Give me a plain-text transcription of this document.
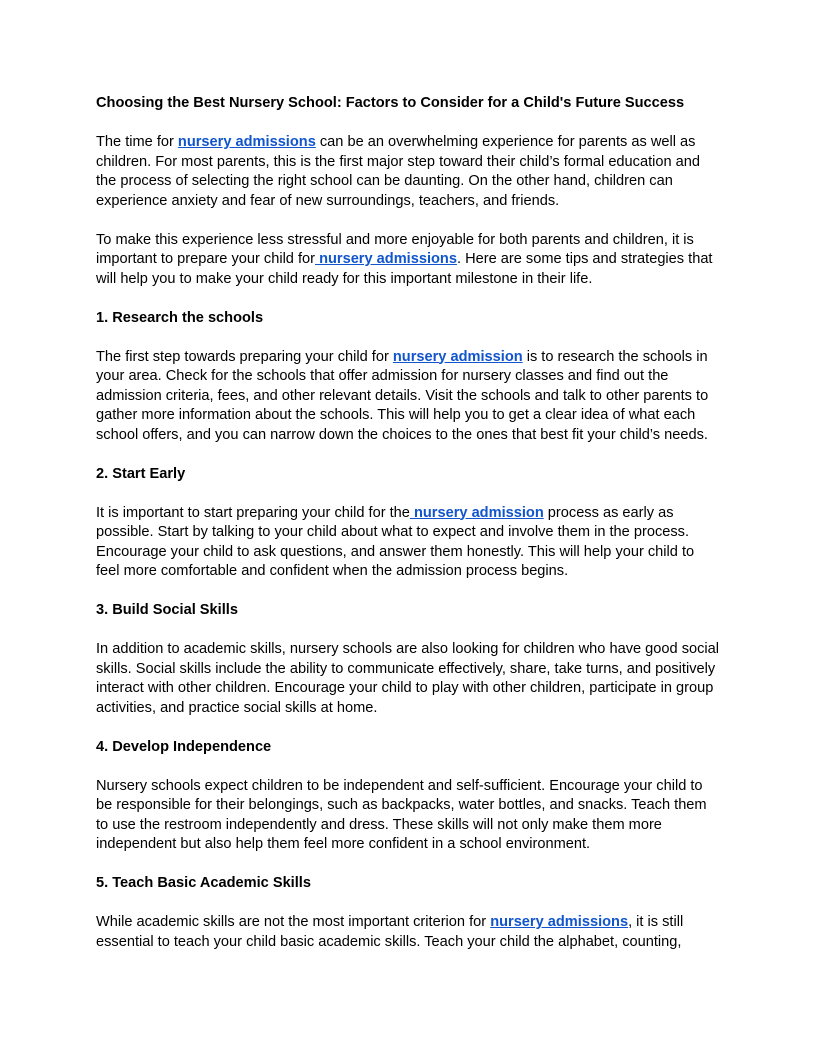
Choosing the Best Nursery School: Factors to Consider for a Child's Future Success

The time for nursery admissions can be an overwhelming experience for parents as well as children. For most parents, this is the first major step toward their child’s formal education and the process of selecting the right school can be daunting. On the other hand, children can experience anxiety and fear of new surroundings, teachers, and friends.

To make this experience less stressful and more enjoyable for both parents and children, it is important to prepare your child for nursery admissions. Here are some tips and strategies that will help you to make your child ready for this important milestone in their life.

1. Research the schools

The first step towards preparing your child for nursery admission is to research the schools in your area. Check for the schools that offer admission for nursery classes and find out the admission criteria, fees, and other relevant details. Visit the schools and talk to other parents to gather more information about the schools. This will help you to get a clear idea of what each school offers, and you can narrow down the choices to the ones that best fit your child’s needs.

2. Start Early

It is important to start preparing your child for the nursery admission process as early as possible. Start by talking to your child about what to expect and involve them in the process. Encourage your child to ask questions, and answer them honestly. This will help your child to feel more comfortable and confident when the admission process begins.

3. Build Social Skills

In addition to academic skills, nursery schools are also looking for children who have good social skills. Social skills include the ability to communicate effectively, share, take turns, and positively interact with other children. Encourage your child to play with other children, participate in group activities, and practice social skills at home.

4. Develop Independence

Nursery schools expect children to be independent and self-sufficient. Encourage your child to be responsible for their belongings, such as backpacks, water bottles, and snacks. Teach them to use the restroom independently and dress. These skills will not only make them more independent but also help them feel more confident in a school environment.

5. Teach Basic Academic Skills

While academic skills are not the most important criterion for nursery admissions, it is still essential to teach your child basic academic skills. Teach your child the alphabet, counting,
